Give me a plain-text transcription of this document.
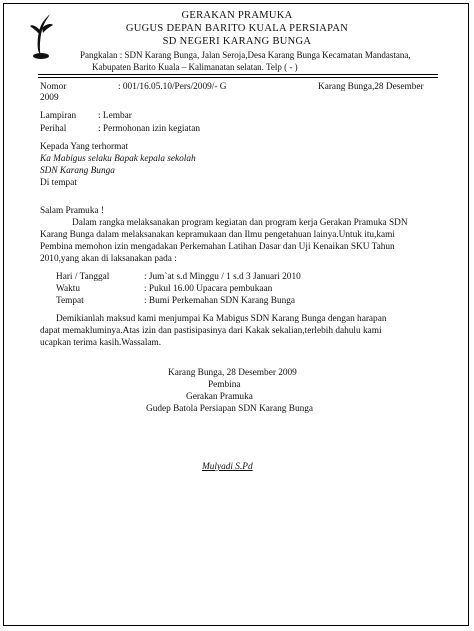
GERAKAN PRAMUKA
GUGUS DEPAN BARITO KUALA PERSIAPAN
SD NEGERI KARANG BUNGA
Pangkalan : SDN Karang Bunga, Jalan Seroja,Desa Karang Bunga Kecamatan Mandastana,
Kabupaten Barito Kuala – Kalimanatan selatan. Telp ( - )
Nomor	: 001/16.05.10/Pers/2009/- G	Karang Bunga,28 Desember
2009
Lampiran : Lembar
Perihal	: Permohonan izin kegiatan
Kepada Yang terhormat
Ka Mabigus selaku Bapak kepala sekolah
SDN Karang Bunga
Di tempat
Salam Pramuka !
Dalam rangka melaksanakan program kegiatan dan program kerja Gerakan Pramuka SDN
Karang Bunga dalam melaksanakan kepramukaan dan Ilmu pengetahuan lainya.Untuk itu,kami
Pembina memohon izin mengadakan Perkemahan Latihan Dasar dan Uji Kenaikan SKU Tahun
2010,yang akan di laksanakan pada :
Hari / Tanggal	: Jum`at s.d Minggu / 1 s.d 3 Januari 2010
Waktu	: Pukul 16.00 Upacara pembukaan
Tempat	: Bumi Perkemahan SDN Karang Bunga
Demikianlah maksud kami menjumpai Ka Mabigus SDN Karang Bunga dengan harapan
dapat memakluminya.Atas izin dan pastisipasinya dari Kakak sekalian,terlebih dahulu kami
ucapkan terima kasih.Wassalam.
Karang Bunga, 28 Desember 2009
Pembina
Gerakan Pramuka
Gudep Batola Persiapan SDN Karang Bunga
Mulyadi S.Pd
